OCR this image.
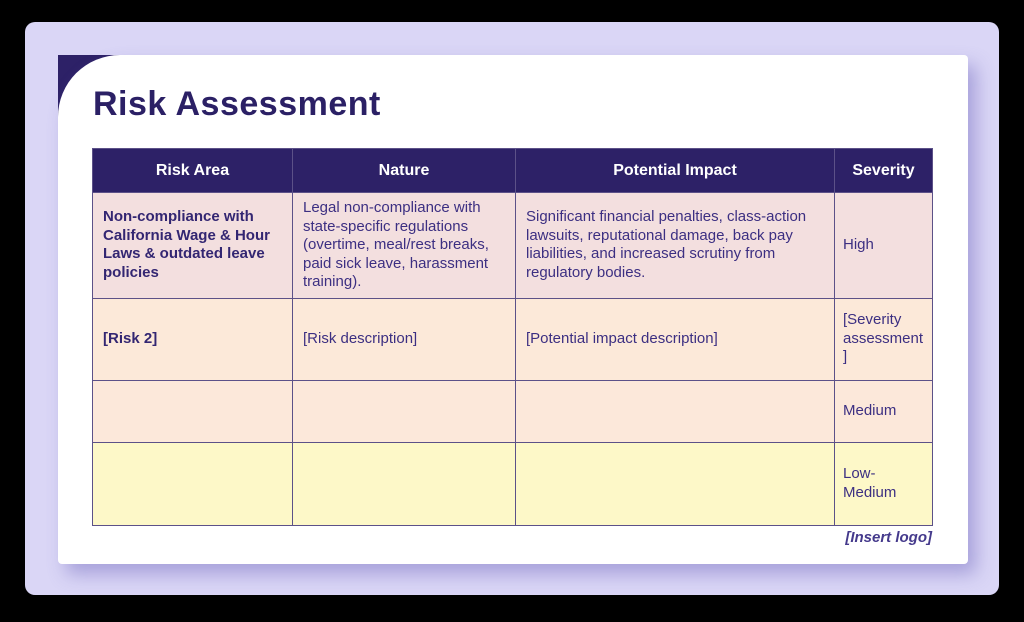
Risk Assessment
Risk Area	Nature	Potential Impact	Severity
Non-compliance with California Wage & Hour Laws & outdated leave policies	Legal non-compliance with state-specific regulations (overtime, meal/rest breaks, paid sick leave, harassment training).	Significant financial penalties, class-action lawsuits, reputational damage, back pay liabilities, and increased scrutiny from regulatory bodies.	High
[Risk 2]	[Risk description]	[Potential impact description]	[Severity assessment ]
			Medium
			Low-Medium
[Insert logo]
